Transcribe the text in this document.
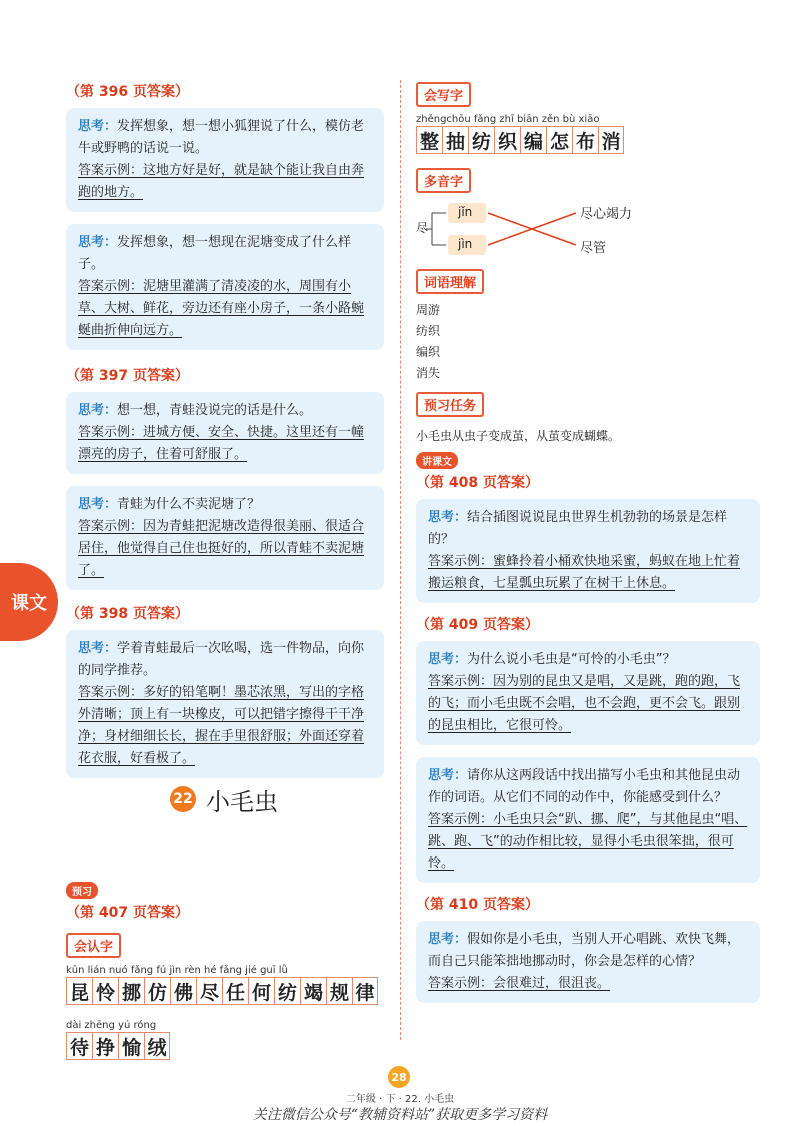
（第 396 页答案）
思考：发挥想象，想一想小狐狸说了什么，模仿老牛或野鸭的话说一说。
答案示例：这地方好是好，就是缺个能让我自由奔跑的地方。
思考：发挥想象，想一想现在泥塘变成了什么样子。
答案示例：泥塘里灌满了清凌凌的水，周围有小草、大树、鲜花，旁边还有座小房子，一条小路蜿蜒曲折伸向远方。
（第 397 页答案）
思考：想一想，青蛙没说完的话是什么。
答案示例：进城方便、安全、快捷。这里还有一幢漂亮的房子，住着可舒服了。
思考：青蛙为什么不卖泥塘了？
答案示例：因为青蛙把泥塘改造得很美丽、很适合居住，他觉得自己住也挺好的，所以青蛙不卖泥塘了。
（第 398 页答案）
思考：学着青蛙最后一次吆喝，选一件物品，向你的同学推荐。
答案示例：多好的铅笔啊！墨芯浓黑，写出的字格外清晰；顶上有一块橡皮，可以把错字擦得干干净净；身材细细长长，握在手里很舒服；外面还穿着花衣服，好看极了。
预习
（第 407 页答案）
会认字
kūn lián nuó fǎng fú jìn rèn hé fǎng jié guī lǜ
昆 怜 挪 仿 佛 尽 任 何 纺 竭 规 律
dài zhēng yú róng
待 挣 愉 绒
课文
22 小毛虫
会写字
zhěngchōu fǎng zhī biān zěn bù xiāo
整 抽 纺 织 编 怎 布 消
多音字
尽
jǐn
jìn
尽心竭力
尽管
词语理解
周游
纺织
编织
消失
预习任务
小毛虫从虫子变成茧，从茧变成蝴蝶。
讲课文
（第 408 页答案）
思考：结合插图说说昆虫世界生机勃勃的场景是怎样的？
答案示例：蜜蜂拎着小桶欢快地采蜜，蚂蚁在地上忙着搬运粮食，七星瓢虫玩累了在树干上休息。
（第 409 页答案）
思考：为什么说小毛虫是“可怜的小毛虫”？
答案示例：因为别的昆虫又是唱，又是跳，跑的跑，飞的飞；而小毛虫既不会唱，也不会跑，更不会飞。跟别的昆虫相比，它很可怜。
思考：请你从这两段话中找出描写小毛虫和其他昆虫动作的词语。从它们不同的动作中，你能感受到什么？
答案示例：小毛虫只会“趴、挪、爬”，与其他昆虫“唱、跳、跑、飞”的动作相比较，显得小毛虫很笨拙，很可怜。
（第 410 页答案）
思考：假如你是小毛虫，当别人开心唱跳、欢快飞舞，而自己只能笨拙地挪动时，你会是怎样的心情？
答案示例：会很难过，很沮丧。
28
二年级 · 下 · 22. 小毛虫
关注微信公众号“教辅资料站”获取更多学习资料
